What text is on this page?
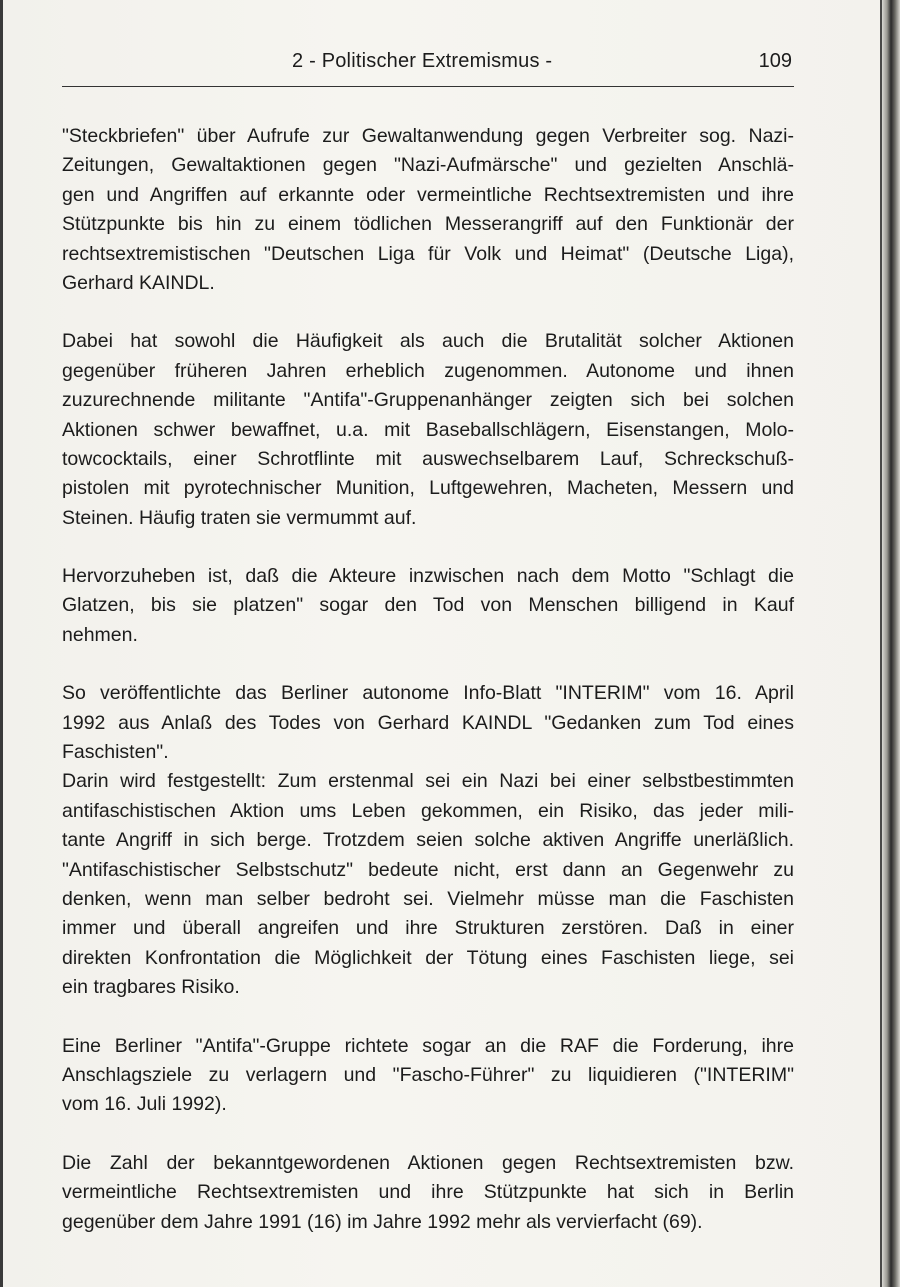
2 - Politischer Extremismus -	109

"Steckbriefen" über Aufrufe zur Gewaltanwendung gegen Verbreiter sog. Nazi-
Zeitungen, Gewaltaktionen gegen "Nazi-Aufmärsche" und gezielten Anschlä-
gen und Angriffen auf erkannte oder vermeintliche Rechtsextremisten und ihre
Stützpunkte bis hin zu einem tödlichen Messerangriff auf den Funktionär der
rechtsextremistischen "Deutschen Liga für Volk und Heimat" (Deutsche Liga),
Gerhard KAINDL.

Dabei hat sowohl die Häufigkeit als auch die Brutalität solcher Aktionen
gegenüber früheren Jahren erheblich zugenommen. Autonome und ihnen
zuzurechnende militante "Antifa"-Gruppenanhänger zeigten sich bei solchen
Aktionen schwer bewaffnet, u.a. mit Baseballschlägern, Eisenstangen, Molo-
towcocktails, einer Schrotflinte mit auswechselbarem Lauf, Schreckschuß-
pistolen mit pyrotechnischer Munition, Luftgewehren, Macheten, Messern und
Steinen. Häufig traten sie vermummt auf.

Hervorzuheben ist, daß die Akteure inzwischen nach dem Motto "Schlagt die
Glatzen, bis sie platzen" sogar den Tod von Menschen billigend in Kauf
nehmen.

So veröffentlichte das Berliner autonome Info-Blatt "INTERIM" vom 16. April
1992 aus Anlaß des Todes von Gerhard KAINDL "Gedanken zum Tod eines
Faschisten".

Darin wird festgestellt: Zum erstenmal sei ein Nazi bei einer selbstbestimmten
antifaschistischen Aktion ums Leben gekommen, ein Risiko, das jeder mili-
tante Angriff in sich berge. Trotzdem seien solche aktiven Angriffe unerläßlich.
"Antifaschistischer Selbstschutz" bedeute nicht, erst dann an Gegenwehr zu
denken, wenn man selber bedroht sei. Vielmehr müsse man die Faschisten
immer und überall angreifen und ihre Strukturen zerstören. Daß in einer
direkten Konfrontation die Möglichkeit der Tötung eines Faschisten liege, sei
ein tragbares Risiko.

Eine Berliner "Antifa"-Gruppe richtete sogar an die RAF die Forderung, ihre
Anschlagsziele zu verlagern und "Fascho-Führer" zu liquidieren ("INTERIM"
vom 16. Juli 1992).

Die Zahl der bekanntgewordenen Aktionen gegen Rechtsextremisten bzw.
vermeintliche Rechtsextremisten und ihre Stützpunkte hat sich in Berlin
gegenüber dem Jahre 1991 (16) im Jahre 1992 mehr als vervierfacht (69).
